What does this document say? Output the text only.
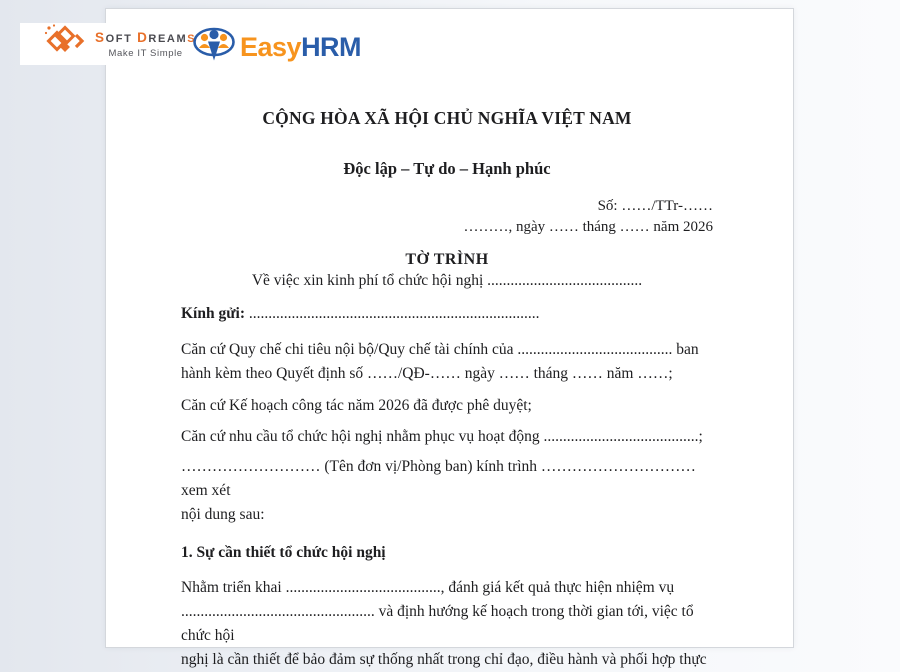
CỘNG HÒA XÃ HỘI CHỦ NGHĨA VIỆT NAM
Độc lập – Tự do – Hạnh phúc
Số: ……/TTr-……
………, ngày …… tháng …… năm 2026
TỜ TRÌNH
Về việc xin kinh phí tổ chức hội nghị ........................................
Kính gửi: ...........................................................................
Căn cứ Quy chế chi tiêu nội bộ/Quy chế tài chính của ........................................ ban
hành kèm theo Quyết định số ……/QĐ-…… ngày …… tháng …… năm ……;
Căn cứ Kế hoạch công tác năm 2026 đã được phê duyệt;
Căn cứ nhu cầu tổ chức hội nghị nhằm phục vụ hoạt động ........................................;
……………………… (Tên đơn vị/Phòng ban) kính trình ………………………… xem xét
nội dung sau:
1. Sự cần thiết tổ chức hội nghị
Nhằm triển khai ........................................, đánh giá kết quả thực hiện nhiệm vụ
.................................................. và định hướng kế hoạch trong thời gian tới, việc tổ chức hội
nghị là cần thiết để bảo đảm sự thống nhất trong chỉ đạo, điều hành và phối hợp thực
SOFT DREAMS
Make IT Simple	EasyHRM
